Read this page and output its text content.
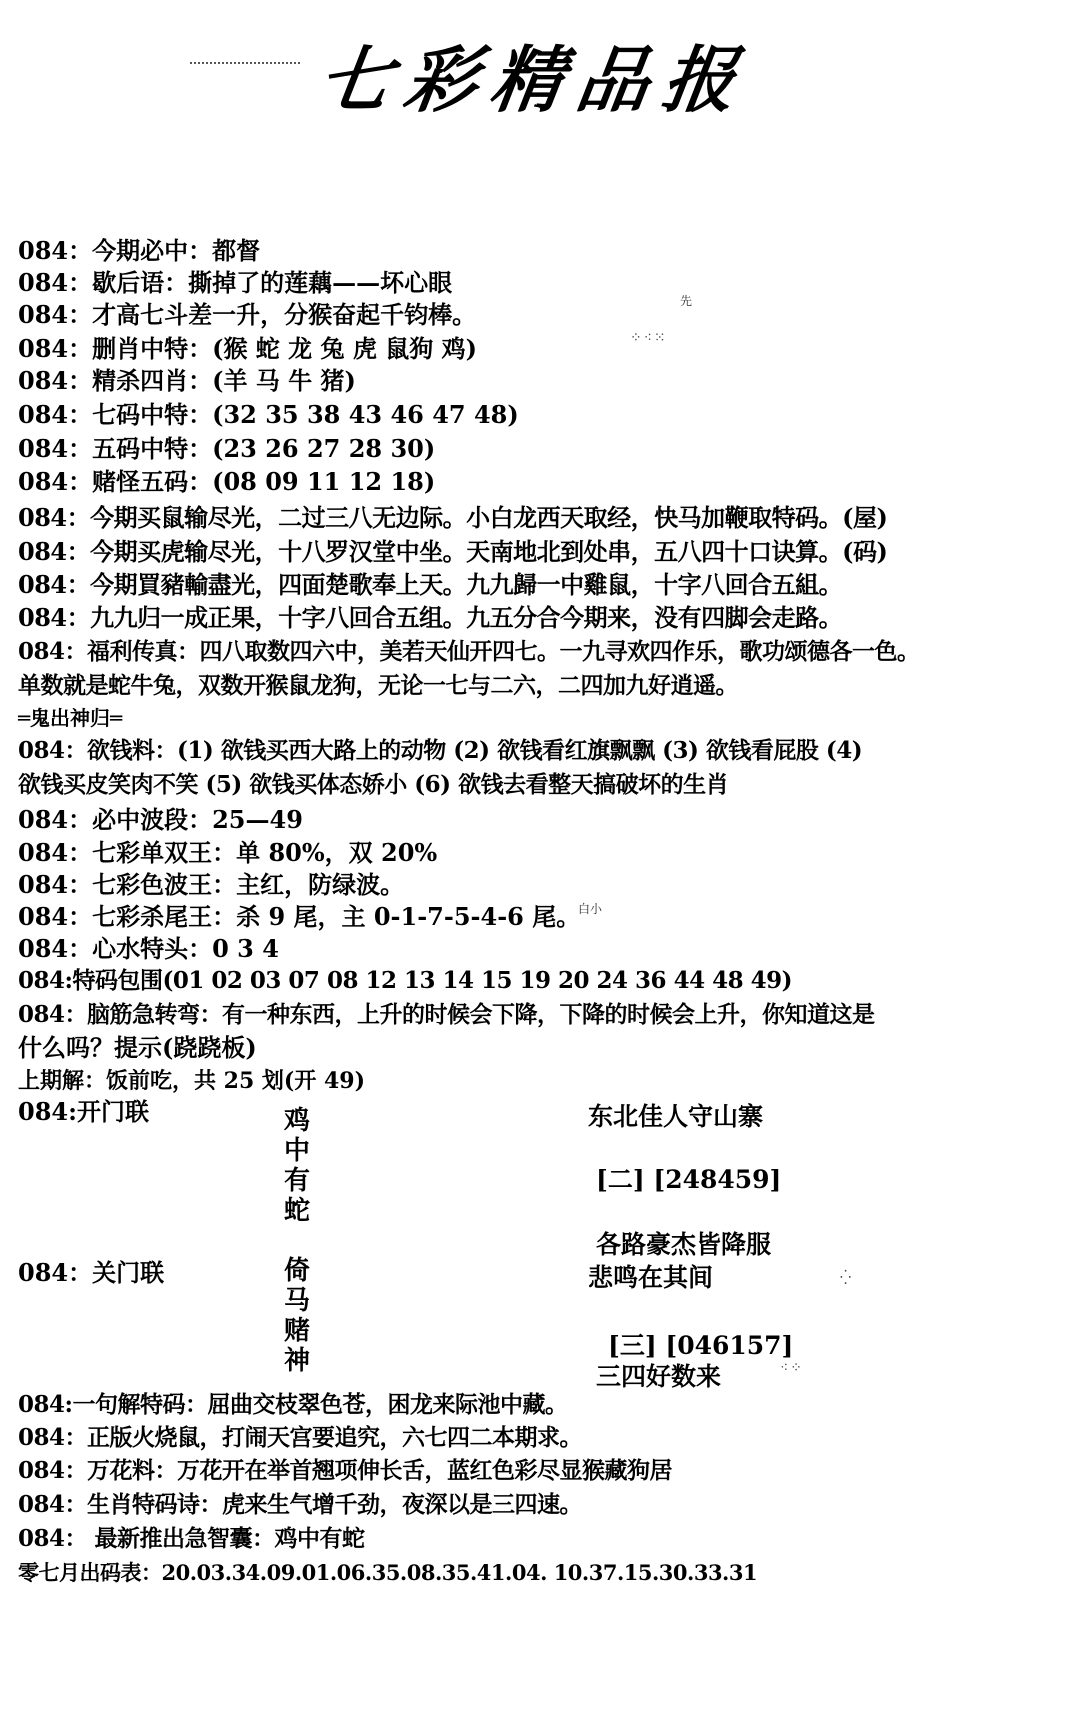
七彩精品报
084：今期必中：都督
084：歇后语：撕掉了的莲藕——坏心眼
084：才高七斗差一升，分猴奋起千钧棒。
084：删肖中特：(猴 蛇 龙 兔 虎 鼠狗 鸡)
084：精杀四肖：(羊 马 牛 猪)
084：七码中特：(32 35 38 43 46 47 48)
084：五码中特：(23 26 27 28 30)
084：赌怪五码：(08 09 11 12 18)
084：今期买鼠输尽光，二过三八无边际。小白龙西天取经，快马加鞭取特码。(屋)
084：今期买虎输尽光，十八罗汉堂中坐。天南地北到处串，五八四十口诀算。(码)
084：今期買豬輸盡光，四面楚歌奉上天。九九歸一中雞鼠，十字八回合五組。
084：九九归一成正果，十字八回合五组。九五分合今期来，没有四脚会走路。
084：福利传真：四八取数四六中，美若天仙开四七。一九寻欢四作乐，歌功颂德各一色。
单数就是蛇牛兔，双数开猴鼠龙狗，无论一七与二六，二四加九好逍遥。
═鬼出神归═
084：欲钱料：(1) 欲钱买西大路上的动物 (2) 欲钱看红旗飘飘 (3) 欲钱看屁股 (4)
欲钱买皮笑肉不笑 (5) 欲钱买体态娇小 (6) 欲钱去看整天搞破坏的生肖
084：必中波段：25—49
084：七彩单双王：单 80%，双 20%
084：七彩色波王：主红，防绿波。
084：七彩杀尾王：杀 9 尾，主 0-1-7-5-4-6 尾。
084：心水特头：0 3 4
084:特码包围(01 02 03 07 08 12 13 14 15 19 20 24 36 44 48 49)
084：脑筋急转弯：有一种东西，上升的时候会下降，下降的时候会上升，你知道这是
什么吗？提示(跷跷板)
上期解：饭前吃，共 25 划(开 49)
084:开门联	鸡
中
有
蛇
东北佳人守山寨
[二] [248459]
各路豪杰皆降服
084：关门联	悲鸣在其间
倚
马
赌
神
[三] [046157]
三四好数来
084:一句解特码：屈曲交枝翠色苍，困龙来际池中藏。
084：正版火烧鼠，打闹天宫要追究，六七四二本期求。
084：万花料：万花开在举首翘项伸长舌，蓝红色彩尽显猴藏狗居
084：生肖特码诗：虎来生气增千劲，夜深以是三四速。
084： 最新推出急智囊：鸡中有蛇
零七月出码表：20.03.34.09.01.06.35.08.35.41.04. 10.37.15.30.33.31
先
白小
⁘⁖⁙
⁖⁘
⁛
